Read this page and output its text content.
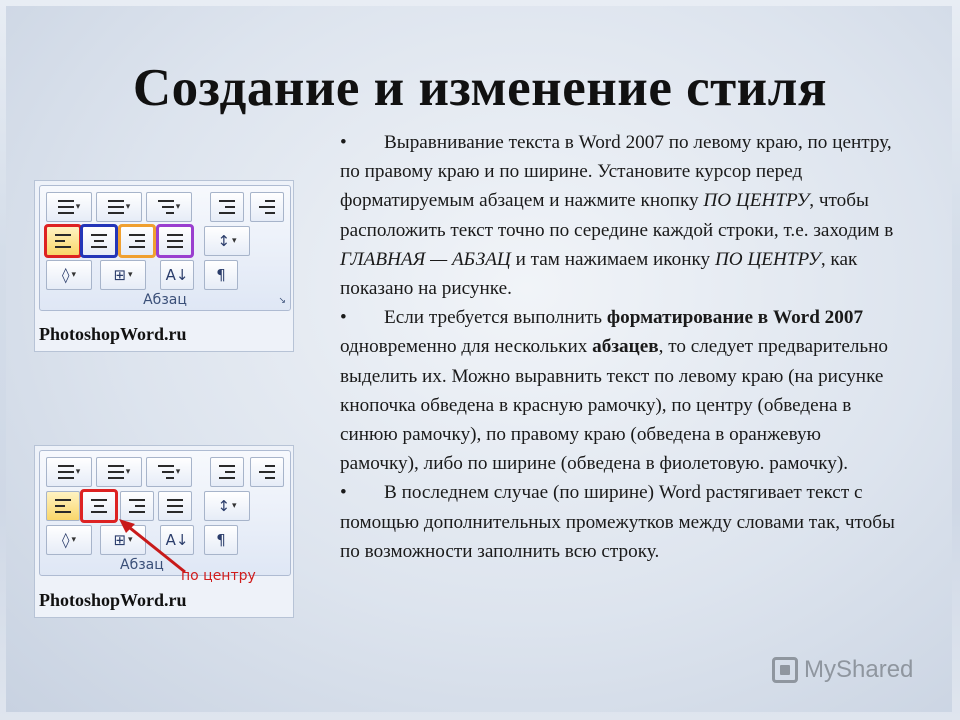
Создание и изменение стиля
▾	▾	▾
↕ ▾
◊ ▾	⊞ ▾	A↓	¶
Абзац	↘
PhotoshopWord.ru
▾	▾	▾
↕ ▾
◊ ▾	⊞ ▾	A↓	¶
Абзац
по центру
PhotoshopWord.ru

• Выравнивание текста в Word 2007 по левому краю, по центру, по правому краю и по ширине. Установите курсор перед форматируемым абзацем и нажмите кнопку ПО ЦЕНТРУ, чтобы расположить текст точно по середине каждой строки, т.е. заходим в ГЛАВНАЯ — АБЗАЦ и там нажимаем иконку ПО ЦЕНТРУ, как показано на рисунке.

• Если требуется выполнить форматирование в Word 2007 одновременно для нескольких абзацев, то следует предварительно выделить их. Можно выравнить текст по левому краю (на рисунке кнопочка обведена в красную рамочку), по центру (обведена в синюю рамочку), по правому краю (обведена в оранжевую рамочку), либо по ширине (обведена в фиолетовую. рамочку).

• В последнем случае (по ширине) Word растягивает текст с помощью дополнительных промежутков между словами так, чтобы по возможности заполнить всю строку.

MyShared
